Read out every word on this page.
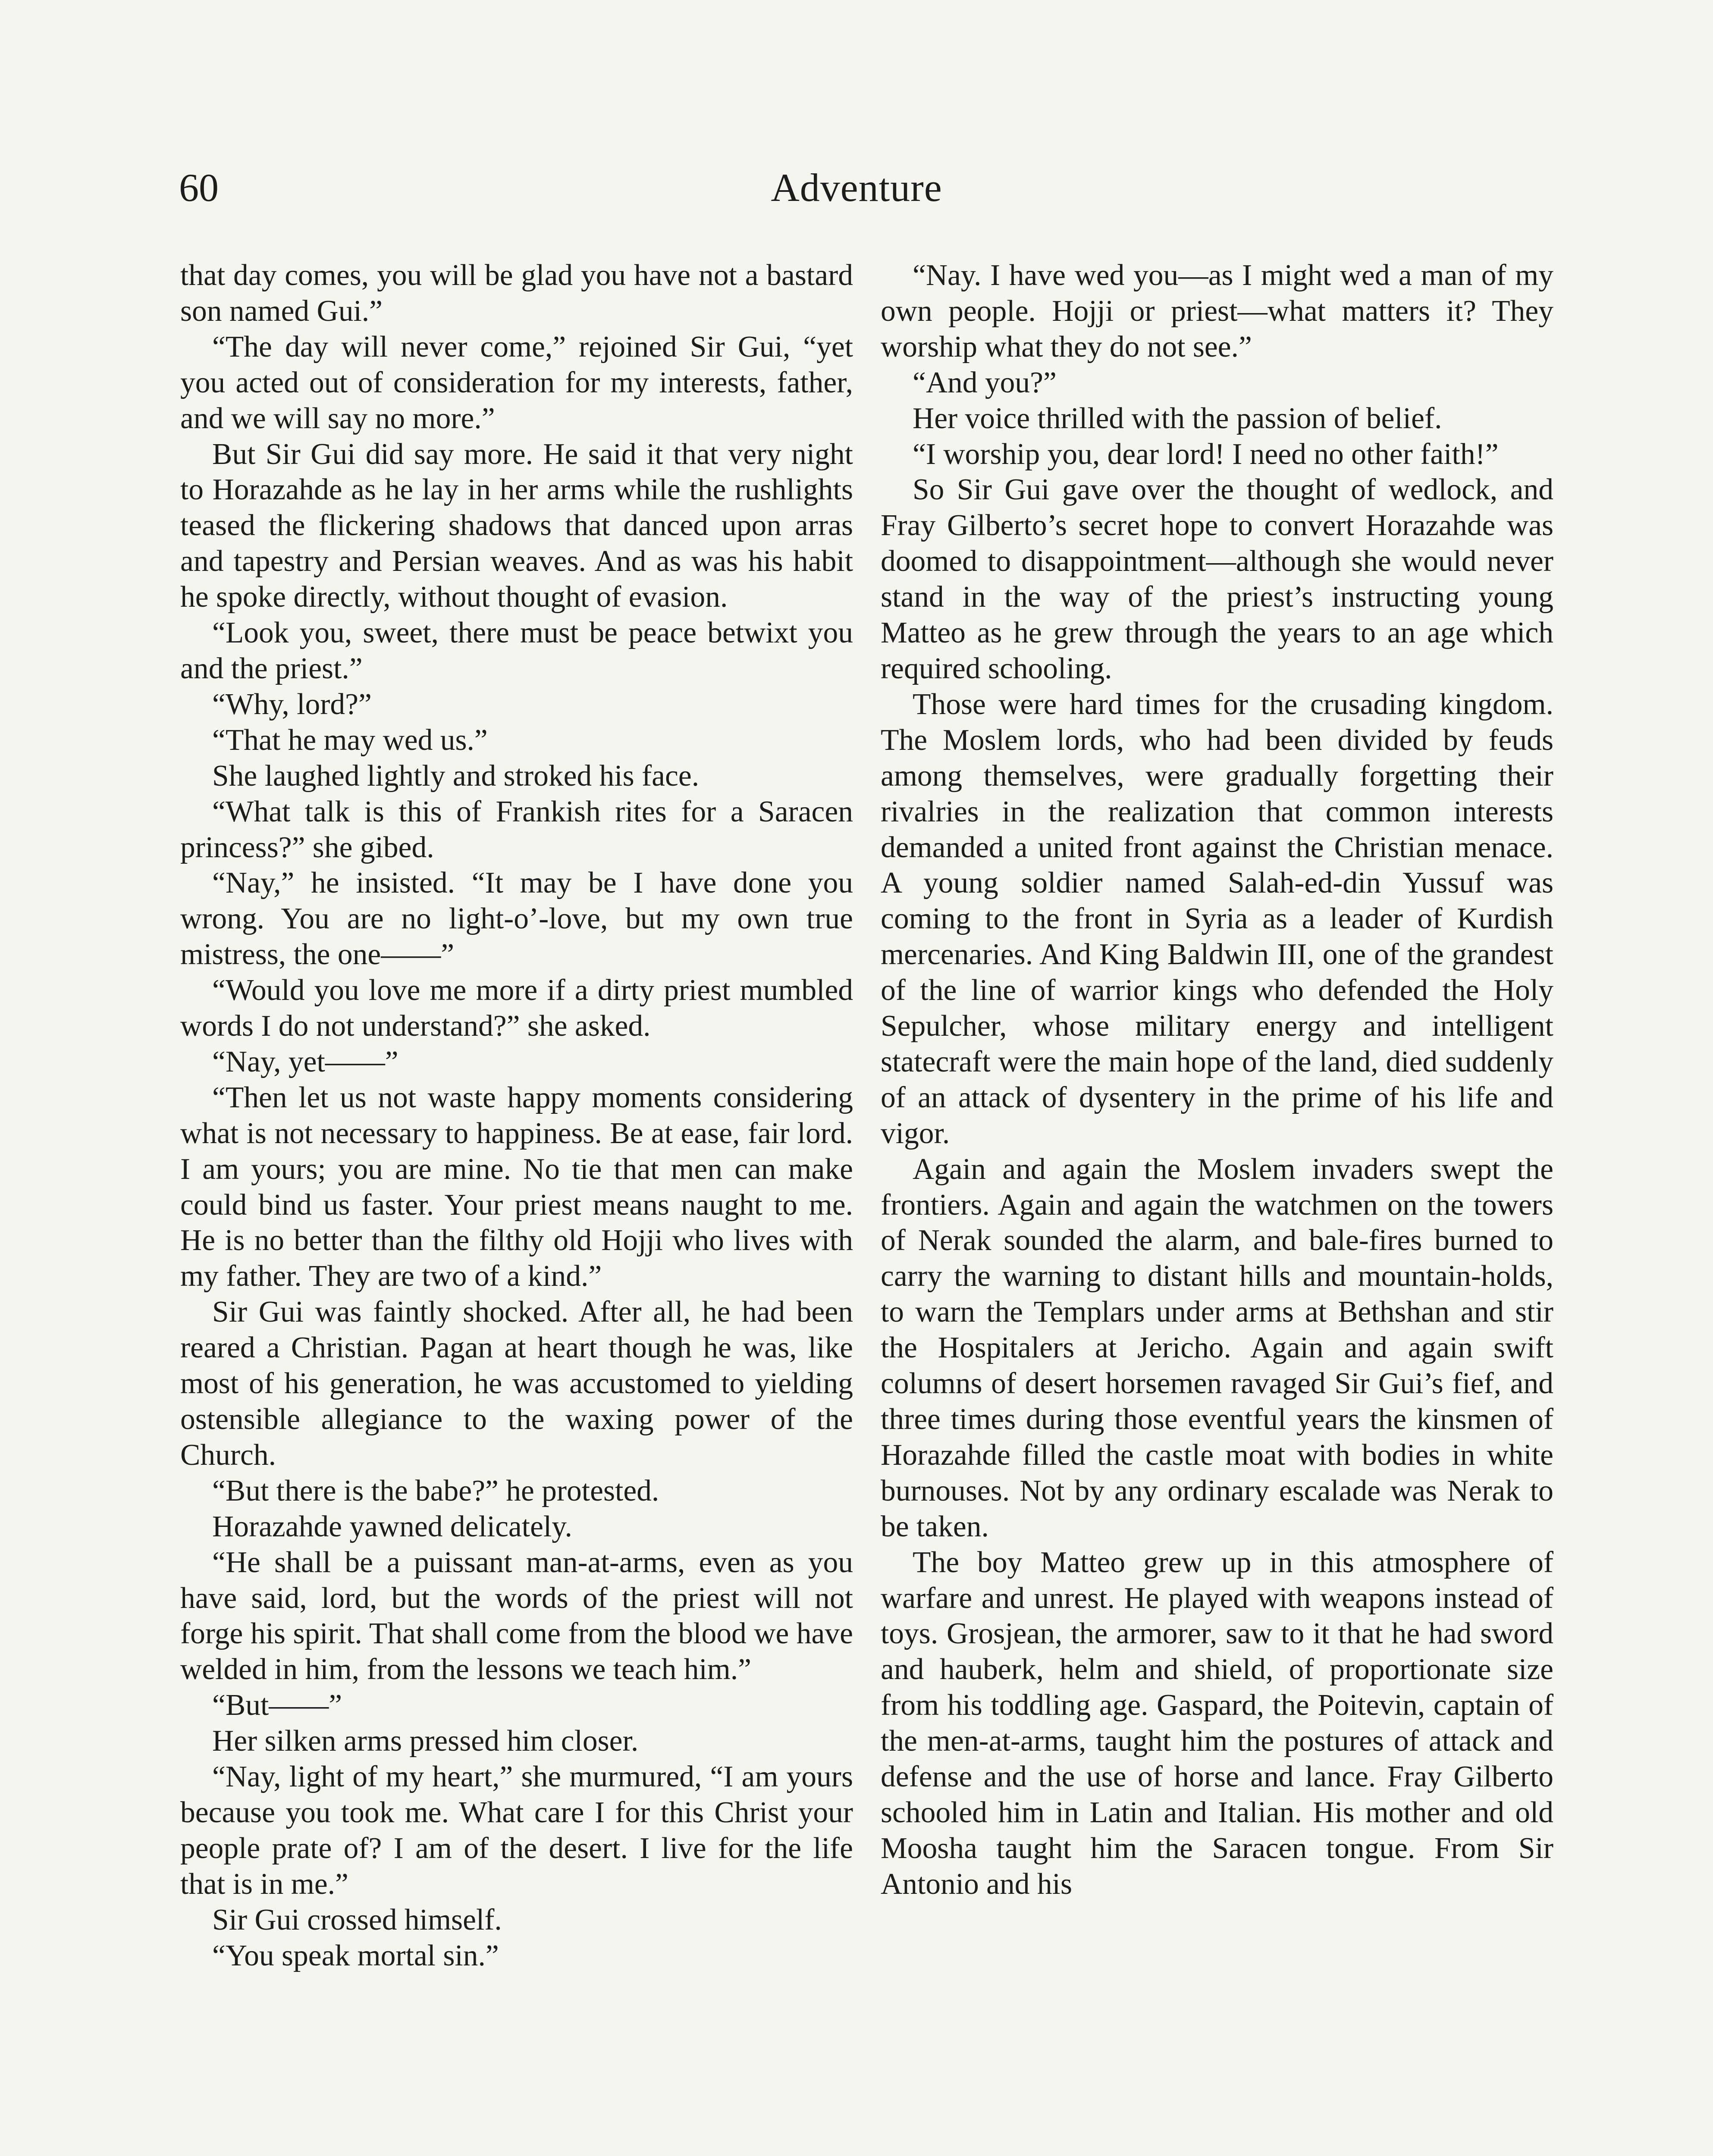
60	Adventure

that day comes, you will be glad you have not a bastard son named Gui.”

“The day will never come,” rejoined Sir Gui, “yet you acted out of consideration for my interests, father, and we will say no more.”

But Sir Gui did say more. He said it that very night to Horazahde as he lay in her arms while the rushlights teased the flickering shadows that danced upon arras and tapestry and Persian weaves. And as was his habit he spoke directly, without thought of evasion.

“Look you, sweet, there must be peace betwixt you and the priest.”

“Why, lord?”

“That he may wed us.”

She laughed lightly and stroked his face.

“What talk is this of Frankish rites for a Saracen princess?” she gibed.

“Nay,” he insisted. “It may be I have done you wrong. You are no light-o’-love, but my own true mistress, the one——”

“Would you love me more if a dirty priest mumbled words I do not understand?” she asked.

“Nay, yet——”

“Then let us not waste happy moments considering what is not necessary to happiness. Be at ease, fair lord. I am yours; you are mine. No tie that men can make could bind us faster. Your priest means naught to me. He is no better than the filthy old Hojji who lives with my father. They are two of a kind.”

Sir Gui was faintly shocked. After all, he had been reared a Christian. Pagan at heart though he was, like most of his generation, he was accustomed to yielding ostensible allegiance to the waxing power of the Church.

“But there is the babe?” he protested.

Horazahde yawned delicately.

“He shall be a puissant man-at-arms, even as you have said, lord, but the words of the priest will not forge his spirit. That shall come from the blood we have welded in him, from the lessons we teach him.”

“But——”

Her silken arms pressed him closer.

“Nay, light of my heart,” she murmured, “I am yours because you took me. What care I for this Christ your people prate of? I am of the desert. I live for the life that is in me.”

Sir Gui crossed himself.

“You speak mortal sin.”

“Nay. I have wed you—as I might wed a man of my own people. Hojji or priest—what matters it? They worship what they do not see.”

“And you?”

Her voice thrilled with the passion of belief.

“I worship you, dear lord! I need no other faith!”

So Sir Gui gave over the thought of wedlock, and Fray Gilberto’s secret hope to convert Horazahde was doomed to disappointment—although she would never stand in the way of the priest’s instructing young Matteo as he grew through the years to an age which required schooling.

Those were hard times for the crusading kingdom. The Moslem lords, who had been divided by feuds among themselves, were gradually forgetting their rivalries in the realization that common interests demanded a united front against the Christian menace. A young soldier named Salah-ed-din Yussuf was coming to the front in Syria as a leader of Kurdish mercenaries. And King Baldwin III, one of the grandest of the line of warrior kings who defended the Holy Sepulcher, whose military energy and intelligent statecraft were the main hope of the land, died suddenly of an attack of dysentery in the prime of his life and vigor.

Again and again the Moslem invaders swept the frontiers. Again and again the watchmen on the towers of Nerak sounded the alarm, and bale-fires burned to carry the warning to distant hills and mountain-holds, to warn the Templars under arms at Bethshan and stir the Hospitalers at Jericho. Again and again swift columns of desert horsemen ravaged Sir Gui’s fief, and three times during those eventful years the kinsmen of Horazahde filled the castle moat with bodies in white burnouses. Not by any ordinary escalade was Nerak to be taken.

The boy Matteo grew up in this atmosphere of warfare and unrest. He played with weapons instead of toys. Grosjean, the armorer, saw to it that he had sword and hauberk, helm and shield, of proportionate size from his toddling age. Gaspard, the Poitevin, captain of the men-at-arms, taught him the postures of attack and defense and the use of horse and lance. Fray Gilberto schooled him in Latin and Italian. His mother and old Moosha taught him the Saracen tongue. From Sir Antonio and his
